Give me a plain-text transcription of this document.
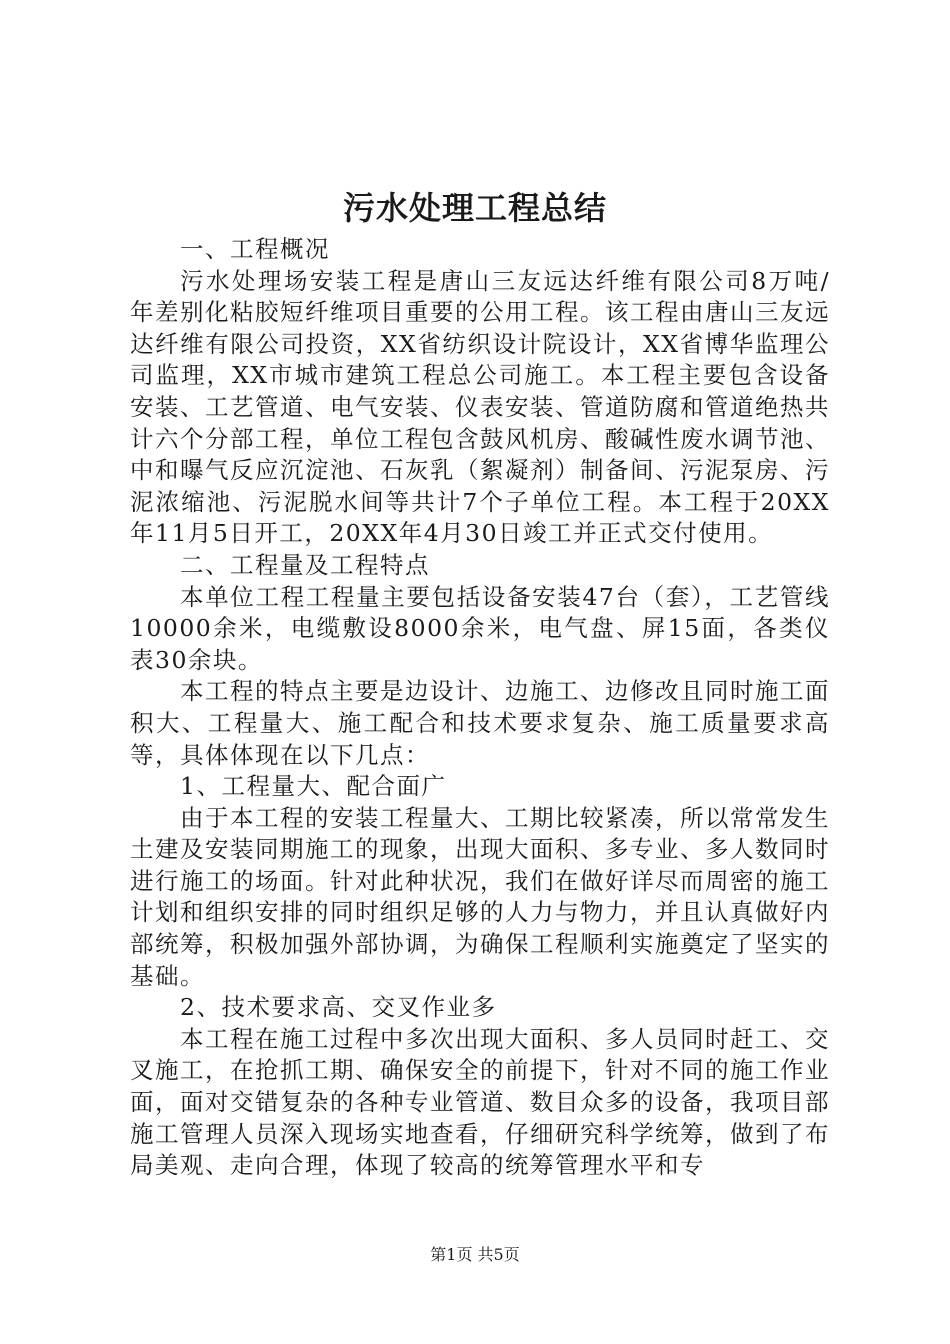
污水处理工程总结

一、工程概况

污水处理场安装工程是唐山三友远达纤维有限公司8万吨/年差别化粘胶短纤维项目重要的公用工程。该工程由唐山三友远达纤维有限公司投资，XX省纺织设计院设计，XX省博华监理公司监理，XX市城市建筑工程总公司施工。本工程主要包含设备安装、工艺管道、电气安装、仪表安装、管道防腐和管道绝热共计六个分部工程，单位工程包含鼓风机房、酸碱性废水调节池、中和曝气反应沉淀池、石灰乳（絮凝剂）制备间、污泥泵房、污泥浓缩池、污泥脱水间等共计7个子单位工程。本工程于20XX年11月5日开工，20XX年4月30日竣工并正式交付使用。

二、工程量及工程特点

本单位工程工程量主要包括设备安装47台（套），工艺管线10000余米，电缆敷设8000余米，电气盘、屏15面，各类仪表30余块。

本工程的特点主要是边设计、边施工、边修改且同时施工面积大、工程量大、施工配合和技术要求复杂、施工质量要求高等，具体体现在以下几点：

1、工程量大、配合面广

由于本工程的安装工程量大、工期比较紧凑，所以常常发生土建及安装同期施工的现象，出现大面积、多专业、多人数同时进行施工的场面。针对此种状况，我们在做好详尽而周密的施工计划和组织安排的同时组织足够的人力与物力，并且认真做好内部统筹，积极加强外部协调，为确保工程顺利实施奠定了坚实的基础。

2、技术要求高、交叉作业多

本工程在施工过程中多次出现大面积、多人员同时赶工、交叉施工，在抢抓工期、确保安全的前提下，针对不同的施工作业面，面对交错复杂的各种专业管道、数目众多的设备，我项目部施工管理人员深入现场实地查看，仔细研究科学统筹，做到了布局美观、走向合理，体现了较高的统筹管理水平和专

第1页 共5页
